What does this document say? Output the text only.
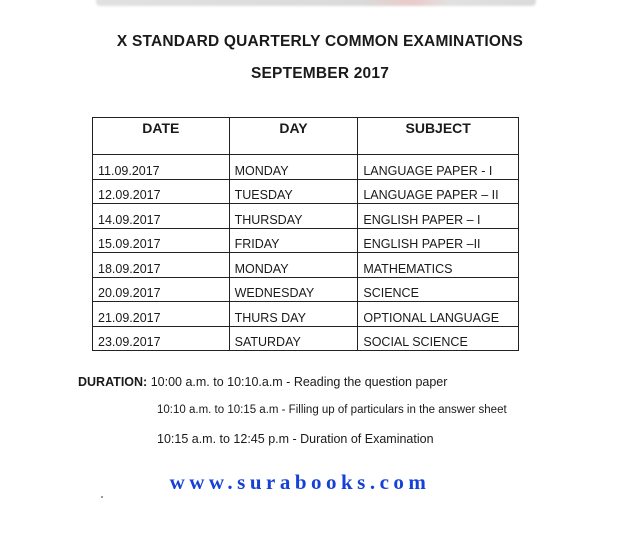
X STANDARD QUARTERLY COMMON EXAMINATIONS
SEPTEMBER 2017
DATE	DAY	SUBJECT
11.09.2017	MONDAY	LANGUAGE PAPER - I
12.09.2017	TUESDAY	LANGUAGE PAPER – II
14.09.2017	THURSDAY	ENGLISH PAPER – I
15.09.2017	FRIDAY	ENGLISH PAPER –II
18.09.2017	MONDAY	MATHEMATICS
20.09.2017	WEDNESDAY	SCIENCE
21.09.2017	THURS DAY	OPTIONAL LANGUAGE
23.09.2017	SATURDAY	SOCIAL SCIENCE
DURATION: 10:00 a.m. to 10:10.a.m - Reading the question paper
10:10 a.m. to 10:15 a.m - Filling up of particulars in the answer sheet
10:15 a.m. to 12:45 p.m - Duration of Examination
www.surabooks.com
